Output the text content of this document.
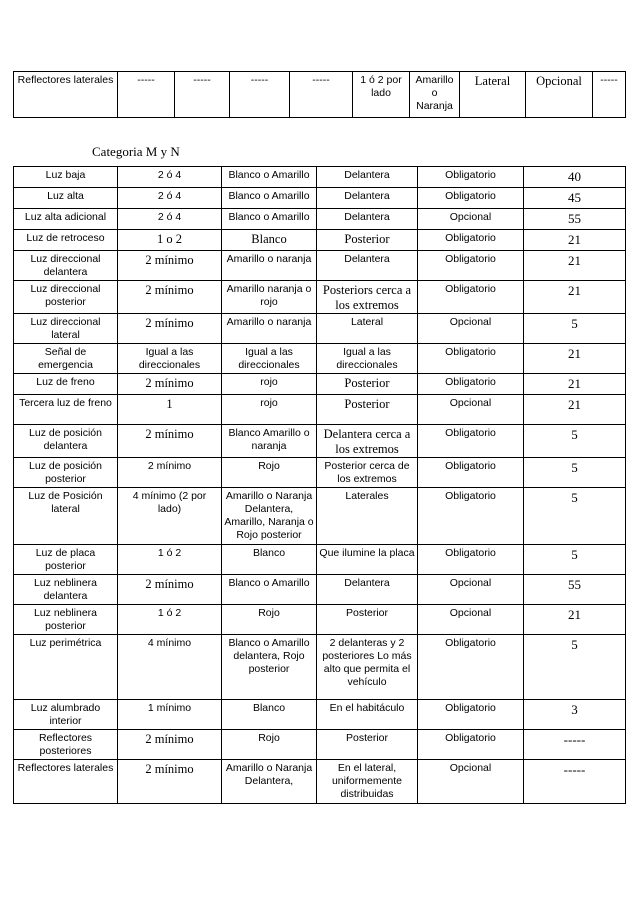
Reflectores laterales	-----	-----	-----	-----	1 ó 2 por lado	Amarillo o Naranja	Lateral	Opcional	-----
Categoria M y N
Luz baja	2 ó 4	Blanco o Amarillo	Delantera	Obligatorio	40
Luz alta	2 ó 4	Blanco o Amarillo	Delantera	Obligatorio	45
Luz alta adicional	2 ó 4	Blanco o Amarillo	Delantera	Opcional	55
Luz de retroceso	1 o 2	Blanco	Posterior	Obligatorio	21
Luz direccional delantera	2 mínimo	Amarillo o naranja	Delantera	Obligatorio	21
Luz direccional posterior	2 mínimo	Amarillo naranja o rojo	Posteriors cerca a los extremos	Obligatorio	21
Luz direccional lateral	2 mínimo	Amarillo o naranja	Lateral	Opcional	5
Señal de emergencia	Igual a las direccionales	Igual a las direccionales	Igual a las direccionales	Obligatorio	21
Luz de freno	2 mínimo	rojo	Posterior	Obligatorio	21
Tercera luz de freno	1	rojo	Posterior	Opcional	21
Luz de posición delantera	2 mínimo	Blanco Amarillo o naranja	Delantera cerca a los extremos	Obligatorio	5
Luz de posición posterior	2 mínimo	Rojo	Posterior cerca de los extremos	Obligatorio	5
Luz de Posición lateral	4 mínimo (2 por lado)	Amarillo o Naranja Delantera, Amarillo, Naranja o Rojo posterior	Laterales	Obligatorio	5
Luz de placa posterior	1 ó 2	Blanco	Que ilumine la placa	Obligatorio	5
Luz neblinera delantera	2 mínimo	Blanco o Amarillo	Delantera	Opcional	55
Luz neblinera posterior	1 ó 2	Rojo	Posterior	Opcional	21
Luz perimétrica	4 mínimo	Blanco o Amarillo delantera, Rojo posterior	2 delanteras y 2 posteriores Lo más alto que permita el vehículo	Obligatorio	5
Luz alumbrado interior	1 mínimo	Blanco	En el habitáculo	Obligatorio	3
Reflectores posteriores	2 mínimo	Rojo	Posterior	Obligatorio	-----
Reflectores laterales	2 mínimo	Amarillo o Naranja Delantera,	En el lateral, uniformemente distribuidas	Opcional	-----
